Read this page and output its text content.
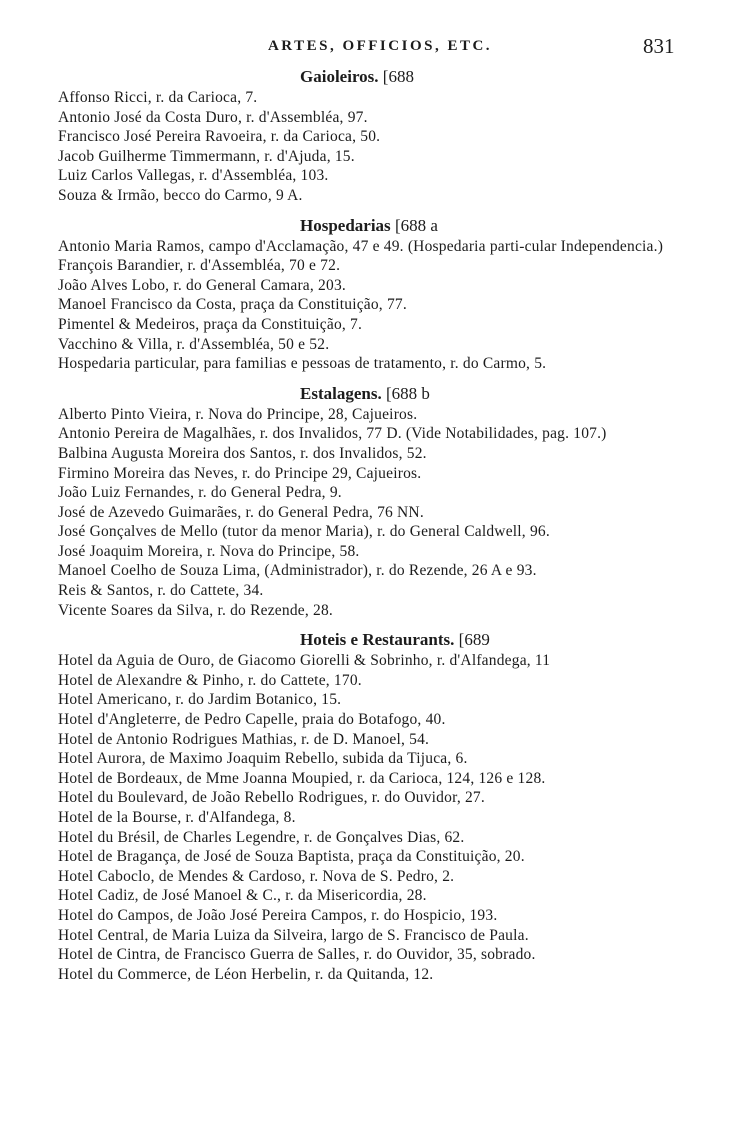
ARTES, OFFICIOS, ETC.	831
Gaioleiros. [688
Affonso Ricci, r. da Carioca, 7.
Antonio José da Costa Duro, r. d'Assembléa, 97.
Francisco José Pereira Ravoeira, r. da Carioca, 50.
Jacob Guilherme Timmermann, r. d'Ajuda, 15.
Luiz Carlos Vallegas, r. d'Assembléa, 103.
Souza & Irmão, becco do Carmo, 9 A.
Hospedarias [688 a
Antonio Maria Ramos, campo d'Acclamação, 47 e 49. (Hospedaria parti-cular Independencia.)
François Barandier, r. d'Assembléa, 70 e 72.
João Alves Lobo, r. do General Camara, 203.
Manoel Francisco da Costa, praça da Constituição, 77.
Pimentel & Medeiros, praça da Constituição, 7.
Vacchino & Villa, r. d'Assembléa, 50 e 52.
Hospedaria particular, para familias e pessoas de tratamento, r. do Carmo, 5.
Estalagens. [688 b
Alberto Pinto Vieira, r. Nova do Principe, 28, Cajueiros.
Antonio Pereira de Magalhães, r. dos Invalidos, 77 D. (Vide Notabilidades, pag. 107.)
Balbina Augusta Moreira dos Santos, r. dos Invalidos, 52.
Firmino Moreira das Neves, r. do Principe 29, Cajueiros.
João Luiz Fernandes, r. do General Pedra, 9.
José de Azevedo Guimarães, r. do General Pedra, 76 NN.
José Gonçalves de Mello (tutor da menor Maria), r. do General Caldwell, 96.
José Joaquim Moreira, r. Nova do Principe, 58.
Manoel Coelho de Souza Lima, (Administrador), r. do Rezende, 26 A e 93.
Reis & Santos, r. do Cattete, 34.
Vicente Soares da Silva, r. do Rezende, 28.
Hoteis e Restaurants. [689
Hotel da Aguia de Ouro, de Giacomo Giorelli & Sobrinho, r. d'Alfandega, 11
Hotel de Alexandre & Pinho, r. do Cattete, 170.
Hotel Americano, r. do Jardim Botanico, 15.
Hotel d'Angleterre, de Pedro Capelle, praia do Botafogo, 40.
Hotel de Antonio Rodrigues Mathias, r. de D. Manoel, 54.
Hotel Aurora, de Maximo Joaquim Rebello, subida da Tijuca, 6.
Hotel de Bordeaux, de Mme Joanna Moupied, r. da Carioca, 124, 126 e 128.
Hotel du Boulevard, de João Rebello Rodrigues, r. do Ouvidor, 27.
Hotel de la Bourse, r. d'Alfandega, 8.
Hotel du Brésil, de Charles Legendre, r. de Gonçalves Dias, 62.
Hotel de Bragança, de José de Souza Baptista, praça da Constituição, 20.
Hotel Caboclo, de Mendes & Cardoso, r. Nova de S. Pedro, 2.
Hotel Cadiz, de José Manoel & C., r. da Misericordia, 28.
Hotel do Campos, de João José Pereira Campos, r. do Hospicio, 193.
Hotel Central, de Maria Luiza da Silveira, largo de S. Francisco de Paula.
Hotel de Cintra, de Francisco Guerra de Salles, r. do Ouvidor, 35, sobrado.
Hotel du Commerce, de Léon Herbelin, r. da Quitanda, 12.
